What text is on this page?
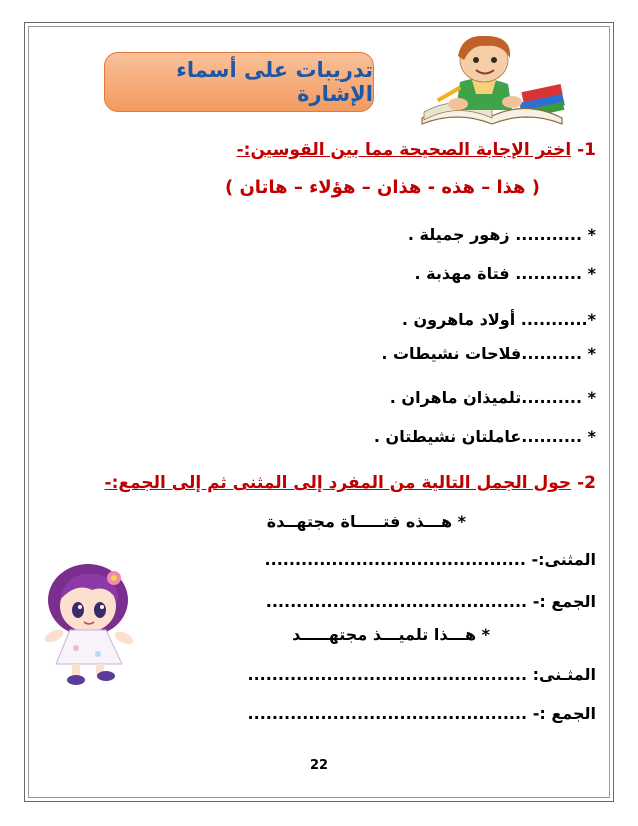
تدريبات على أسماء الإشارة
1- اختر الإجابة الصحيحة مما بين القوسين:-
( هذا – هذه - هذان – هؤلاء – هاتان )
* ........... زهور جميلة .
* ........... فتاة مهذبة .
*........... أولاد ماهرون .
* ..........فلاحات نشيطات .
* ..........تلميذان ماهران .
* ..........عاملتان نشيطتان .
2- حول الجمل التالية من المفرد إلى المثنى ثم إلى الجمع:-
* هـــذه فتـــــاة مجتهــدة
المثنى:- ...........................................
الجمع :- ...........................................
* هـــذا تلميـــذ مجتهـــــد
المثـنى: ..............................................
الجمع :- ..............................................
22
